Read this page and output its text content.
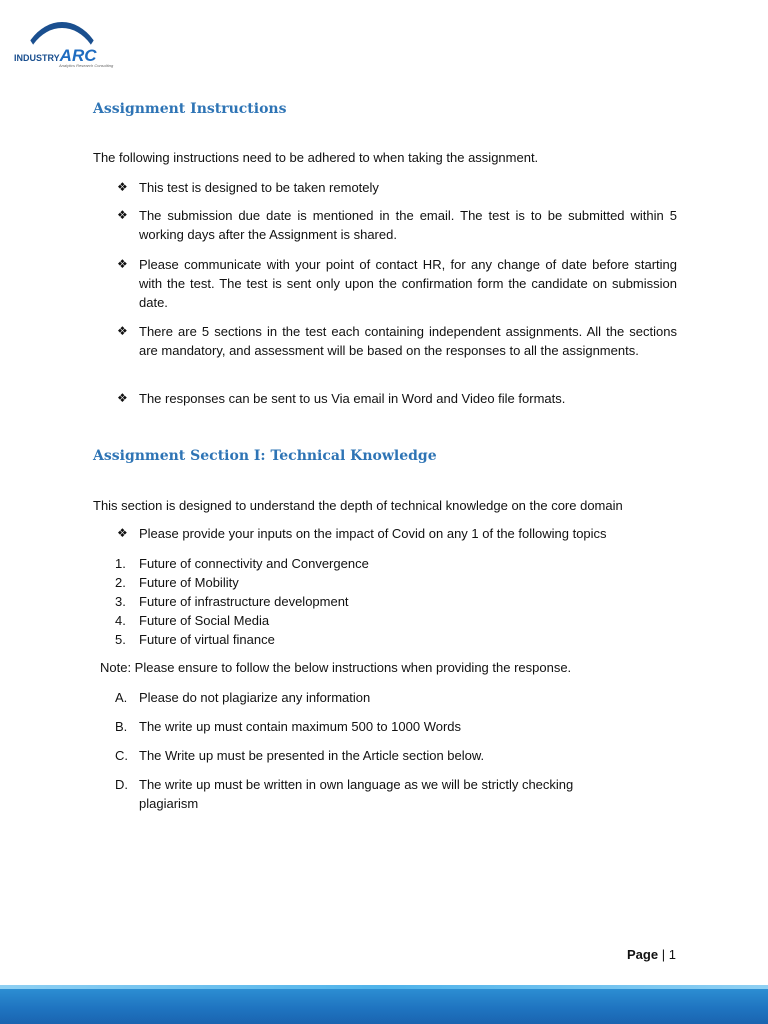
INDUSTRYARC
Analytics Research Consulting
Assignment Instructions

The following instructions need to be adhered to when taking the assignment.

❖ This test is designed to be taken remotely
❖ The submission due date is mentioned in the email. The test is to be submitted within 5 working days after the Assignment is shared.
❖ Please communicate with your point of contact HR, for any change of date before starting with the test. The test is sent only upon the confirmation form the candidate on submission date.
❖ There are 5 sections in the test each containing independent assignments. All the sections are mandatory, and assessment will be based on the responses to all the assignments.
❖ The responses can be sent to us Via email in Word and Video file formats.
Assignment Section I: Technical Knowledge

This section is designed to understand the depth of technical knowledge on the core domain

❖ Please provide your inputs on the impact of Covid on any 1 of the following topics
1. Future of connectivity and Convergence
2. Future of Mobility
3. Future of infrastructure development
4. Future of Social Media
5. Future of virtual finance
Note: Please ensure to follow the below instructions when providing the response.
A. Please do not plagiarize any information
B. The write up must contain maximum 500 to 1000 Words
C. The Write up must be presented in the Article section below.
D. The write up must be written in own language as we will be strictly checking plagiarism
Page | 1
